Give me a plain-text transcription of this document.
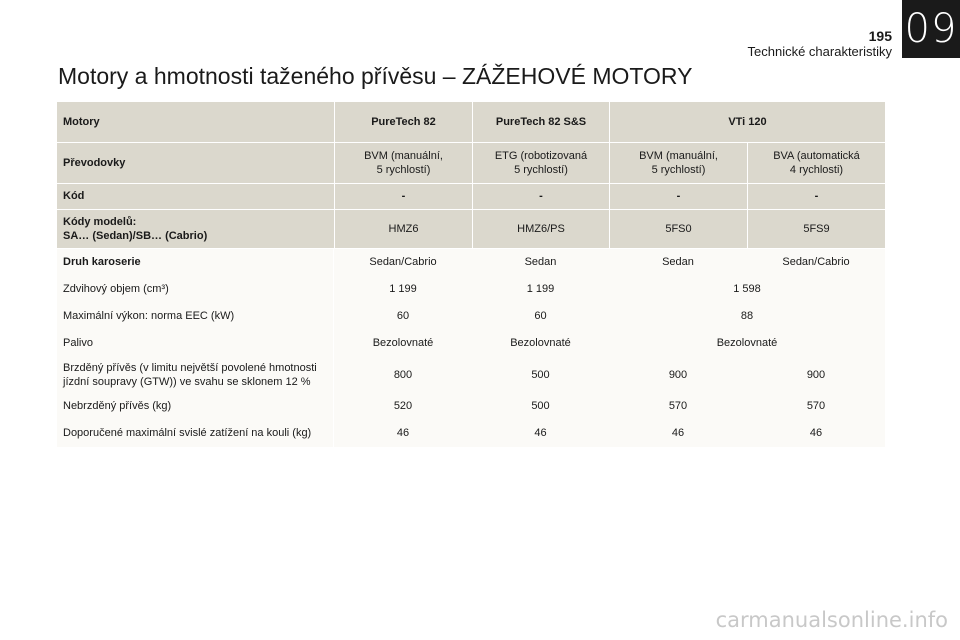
09
195
Technické charakteristiky
Motory a hmotnosti taženého přívěsu – ZÁŽEHOVÉ MOTORY
Motory	PureTech 82	PureTech 82 S&S	VTi 120	
Převodovky	BVM (manuální,
5 rychlostí)	ETG (robotizovaná
5 rychlostí)	BVM (manuální,
5 rychlostí)	BVA (automatická
4 rychlosti)
Kód	-	-	-	-
Kódy modelů:
SA… (Sedan)/SB… (Cabrio)	HMZ6	HMZ6/PS	5FS0	5FS9
Druh karoserie	Sedan/Cabrio	Sedan	Sedan	Sedan/Cabrio
Zdvihový objem (cm³)	1 199	1 199	1 598	
Maximální výkon: norma EEC (kW)	60	60	88	
Palivo	Bezolovnaté	Bezolovnaté	Bezolovnaté	
Brzděný přívěs (v limitu největší povolené hmotnosti
jízdní soupravy (GTW)) ve svahu se sklonem 12 %	800	500	900	900
Nebrzděný přívěs (kg)	520	500	570	570
Doporučené maximální svislé zatížení na kouli (kg)	46	46	46	46
carmanualsonline.info
